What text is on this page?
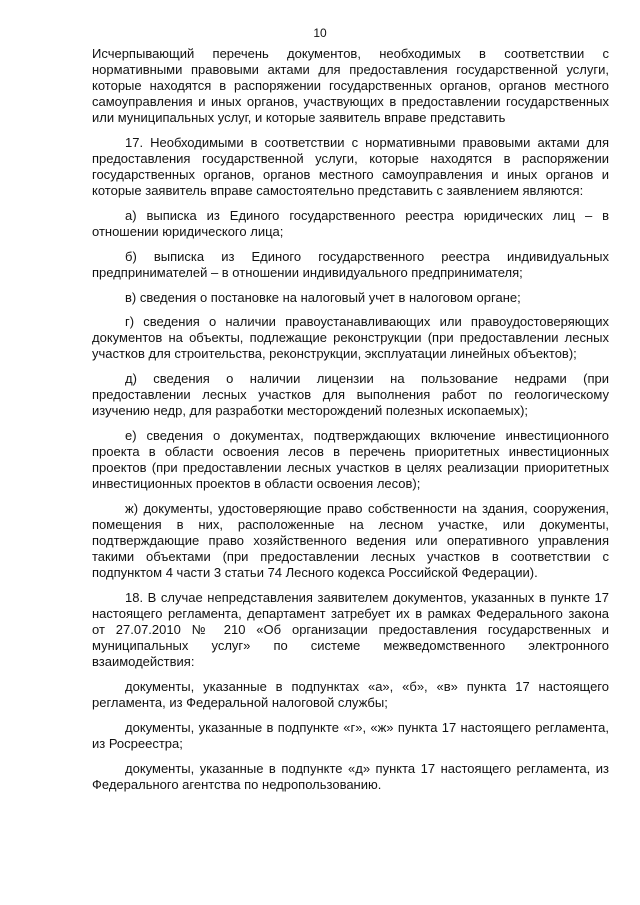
10

Исчерпывающий перечень документов, необходимых в соответствии с нормативными правовыми актами для предоставления государственной услуги, которые находятся в распоряжении государственных органов, органов местного самоуправления и иных органов, участвующих в предоставлении государственных или муниципальных услуг, и которые заявитель вправе представить

17. Необходимыми в соответствии с нормативными правовыми актами для предоставления государственной услуги, которые находятся в распоряжении государственных органов, органов местного самоуправления и иных органов и которые заявитель вправе самостоятельно представить с заявлением являются:

а) выписка из Единого государственного реестра юридических лиц – в отношении юридического лица;

б) выписка из Единого государственного реестра индивидуальных предпринимателей – в отношении индивидуального предпринимателя;

в) сведения о постановке на налоговый учет в налоговом органе;

г) сведения о наличии правоустанавливающих или правоудостоверяющих документов на объекты, подлежащие реконструкции (при предоставлении лесных участков для строительства, реконструкции, эксплуатации линейных объектов);

д) сведения о наличии лицензии на пользование недрами (при предоставлении лесных участков для выполнения работ по геологическому изучению недр, для разработки месторождений полезных ископаемых);

е) сведения о документах, подтверждающих включение инвестиционного проекта в области освоения лесов в перечень приоритетных инвестиционных проектов (при предоставлении лесных участков в целях реализации приоритетных инвестиционных проектов в области освоения лесов);

ж) документы, удостоверяющие право собственности на здания, сооружения, помещения в них, расположенные на лесном участке, или документы, подтверждающие право хозяйственного ведения или оперативного управления такими объектами (при предоставлении лесных участков в соответствии с подпунктом 4 части 3 статьи 74 Лесного кодекса Российской Федерации).

18. В случае непредставления заявителем документов, указанных в пункте 17 настоящего регламента, департамент затребует их в рамках Федерального закона от 27.07.2010 № 210 «Об организации предоставления государственных и муниципальных услуг» по системе межведомственного электронного взаимодействия:

документы, указанные в подпунктах «а», «б», «в» пункта 17 настоящего регламента, из Федеральной налоговой службы;

документы, указанные в подпункте «г», «ж» пункта 17 настоящего регламента, из Росреестра;

документы, указанные в подпункте «д» пункта 17 настоящего регламента, из Федерального агентства по недропользованию.
